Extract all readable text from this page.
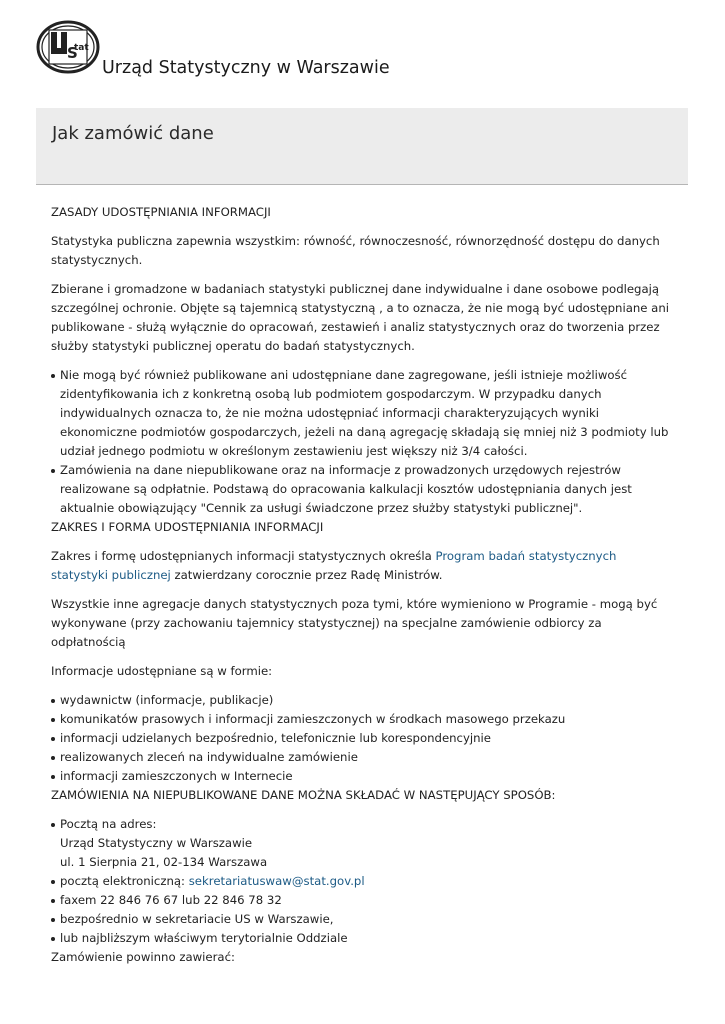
S
tat
Urząd Statystyczny w Warszawie
Jak zamówić dane

ZASADY UDOSTĘPNIANIA INFORMACJI

Statystyka publiczna zapewnia wszystkim: równość, równoczesność, równorzędność dostępu do danych statystycznych.

Zbierane i gromadzone w badaniach statystyki publicznej dane indywidualne i dane osobowe podlegają szczególnej ochronie. Objęte są tajemnicą statystyczną , a to oznacza, że nie mogą być udostępniane ani publikowane - służą wyłącznie do opracowań, zestawień i analiz statystycznych oraz do tworzenia przez służby statystyki publicznej operatu do badań statystycznych.

Nie mogą być również publikowane ani udostępniane dane zagregowane, jeśli istnieje możliwość zidentyfikowania ich z konkretną osobą lub podmiotem gospodarczym. W przypadku danych indywidualnych oznacza to, że nie można udostępniać informacji charakteryzujących wyniki ekonomiczne podmiotów gospodarczych, jeżeli na daną agregację składają się mniej niż 3 podmioty lub udział jednego podmiotu w określonym zestawieniu jest większy niż 3/4 całości.
Zamówienia na dane niepublikowane oraz na informacje z prowadzonych urzędowych rejestrów realizowane są odpłatnie. Podstawą do opracowania kalkulacji kosztów udostępniania danych jest aktualnie obowiązujący "Cennik za usługi świadczone przez służby statystyki publicznej".

ZAKRES I FORMA UDOSTĘPNIANIA INFORMACJI

Zakres i formę udostępnianych informacji statystycznych określa Program badań statystycznych statystyki publicznej zatwierdzany corocznie przez Radę Ministrów.

Wszystkie inne agregacje danych statystycznych poza tymi, które wymieniono w Programie - mogą być wykonywane (przy zachowaniu tajemnicy statystycznej) na specjalne zamówienie odbiorcy za odpłatnością

Informacje udostępniane są w formie:

wydawnictw (informacje, publikacje)
komunikatów prasowych i informacji zamieszczonych w środkach masowego przekazu
informacji udzielanych bezpośrednio, telefonicznie lub korespondencyjnie
realizowanych zleceń na indywidualne zamówienie
informacji zamieszczonych w Internecie

ZAMÓWIENIA NA NIEPUBLIKOWANE DANE MOŻNA SKŁADAĆ W NASTĘPUJĄCY SPOSÓB:

Pocztą na adres:
Urząd Statystyczny w Warszawie
ul. 1 Sierpnia 21, 02-134 Warszawa
pocztą elektroniczną: sekretariatuswaw@stat.gov.pl
faxem 22 846 76 67 lub 22 846 78 32
bezpośrednio w sekretariacie US w Warszawie,
lub najbliższym właściwym terytorialnie Oddziale

Zamówienie powinno zawierać:
